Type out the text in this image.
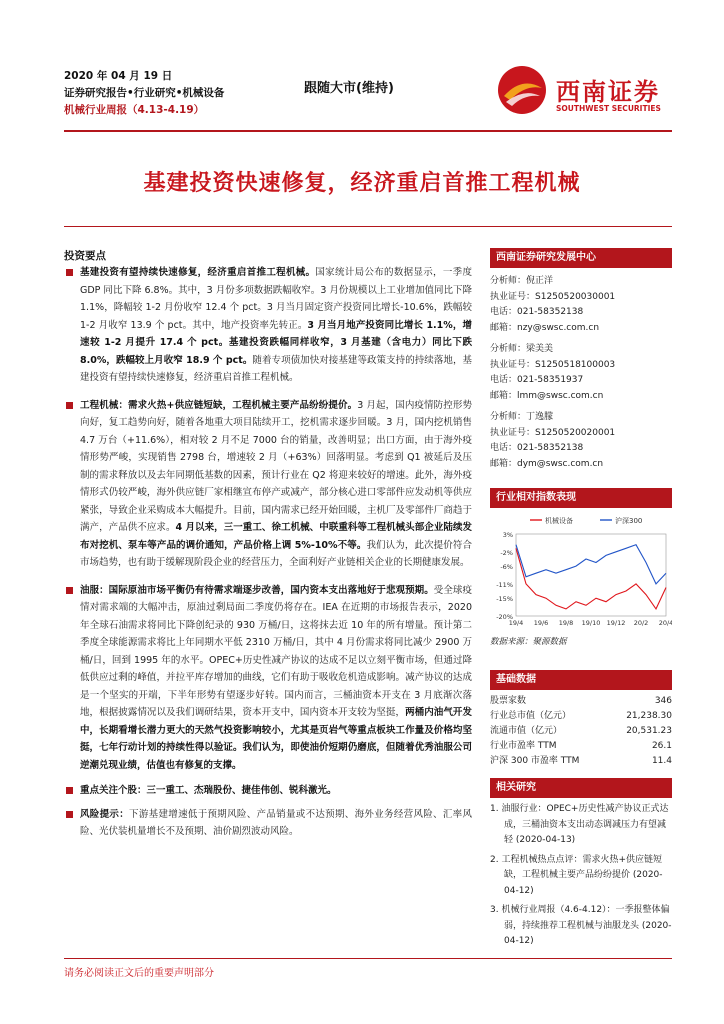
2020 年 04 月 19 日
证券研究报告•行业研究•机械设备
机械行业周报（4.13-4.19）
跟随大市(维持)	西南证券
SOUTHWEST SECURITIES
基建投资快速修复，经济重启首推工程机械
投资要点
基建投资有望持续快速修复，经济重启首推工程机械。国家统计局公布的数据显示，一季度 GDP 同比下降 6.8%。其中，3 月份多项数据跌幅收窄。3 月份规模以上工业增加值同比下降 1.1%，降幅较 1-2 月份收窄 12.4 个 pct。3 月当月固定资产投资同比增长-10.6%，跌幅较 1-2 月收窄 13.9 个 pct。其中，地产投资率先转正。3 月当月地产投资同比增长 1.1%，增速较 1-2 月提升 17.4 个 pct。基建投资跌幅同样收窄，3 月基建（含电力）同比下跌 8.0%，跌幅较上月收窄 18.9 个 pct。随着专项债加快对接基建等政策支持的持续落地，基建投资有望持续快速修复，经济重启首推工程机械。
工程机械：需求火热+供应链短缺，工程机械主要产品纷纷提价。3 月起，国内疫情防控形势向好，复工趋势向好，随着各地重大项目陆续开工，挖机需求逐步回暖。3 月，国内挖机销售 4.7 万台（+11.6%），相对较 2 月不足 7000 台的销量，改善明显；出口方面，由于海外疫情形势严峻，实现销售 2798 台，增速较 2 月（+63%）回落明显。考虑到 Q1 被延后及压制的需求释放以及去年同期低基数的因素，预计行业在 Q2 将迎来较好的增速。此外，海外疫情形式仍较严峻，海外供应链厂家相继宣布停产或减产，部分核心进口零部件应发动机等供应紧张，导致企业采购成本大幅提升。目前，国内需求已经开始回暖，主机厂及零部件厂商趋于满产，产品供不应求。4 月以来，三一重工、徐工机械、中联重科等工程机械头部企业陆续发布对挖机、泵车等产品的调价通知，产品价格上调 5%-10%不等。我们认为，此次提价符合市场趋势，也有助于缓解现阶段企业的经营压力，全面利好产业链相关企业的长期健康发展。
油服：国际原油市场平衡仍有待需求端逐步改善，国内资本支出落地好于悲观预期。受全球疫情对需求端的大幅冲击，原油过剩局面二季度仍将存在。IEA 在近期的市场报告表示，2020 年全球石油需求将同比下降创纪录的 930 万桶/日，这将抹去近 10 年的所有增量。预计第二季度全球能源需求将比上年同期水平低 2310 万桶/日，其中 4 月份需求将同比减少 2900 万桶/日，回到 1995 年的水平。OPEC+历史性减产协议的达成不足以立刻平衡市场，但通过降低供应过剩的峰值，并拉平库存增加的曲线，它们有助于吸收危机造成影响。减产协议的达成是一个坚实的开端，下半年形势有望逐步好转。国内而言，三桶油资本开支在 3 月底渐次落地，根据披露情况以及我们调研结果，资本开支中，国内资本开支较为坚挺，两桶内油气开发中，长期看增长潜力更大的天然气投资影响较小，尤其是页岩气等重点板块工作量及价格均坚挺，七年行动计划的持续性得以验证。我们认为，即使油价短期仍磨底，但随着优秀油服公司逆潮兑现业绩，估值也有修复的支撑。
重点关注个股：三一重工、杰瑞股份、捷佳伟创、锐科激光。
风险提示：下游基建增速低于预期风险、产品销量或不达预期、海外业务经营风险、汇率风险、光伏装机量增长不及预期、油价剧烈波动风险。
西南证券研究发展中心
分析师：倪正洋
执业证号：S1250520030001
电话：021-58352138
邮箱：nzy@swsc.com.cn
分析师：梁美美
执业证号：S1250518100003
电话：021-58351937
邮箱：lmm@swsc.com.cn
分析师：丁逸朦
执业证号：S1250520020001
电话：021-58352138
邮箱：dym@swsc.com.cn
行业相对指数表现
3%
-2%
-6%
-11%
-15%
-20%
19/4 19/6 19/8 19/10 19/12 20/2 20/4
机械设备	沪深300
数据来源：聚源数据
基础数据
股票家数	346
行业总市值（亿元）	21,238.30
流通市值（亿元）	20,531.23
行业市盈率 TTM	26.1
沪深 300 市盈率 TTM	11.4
相关研究
1. 油服行业：OPEC+历史性减产协议正式达成，三桶油资本支出动态调减压力有望减轻 (2020-04-13)
2. 工程机械热点点评：需求火热+供应链短缺，工程机械主要产品纷纷提价 (2020-04-12)
3. 机械行业周报（4.6-4.12）：一季报整体偏弱，持续推荐工程机械与油服龙头 (2020-04-12)
请务必阅读正文后的重要声明部分
